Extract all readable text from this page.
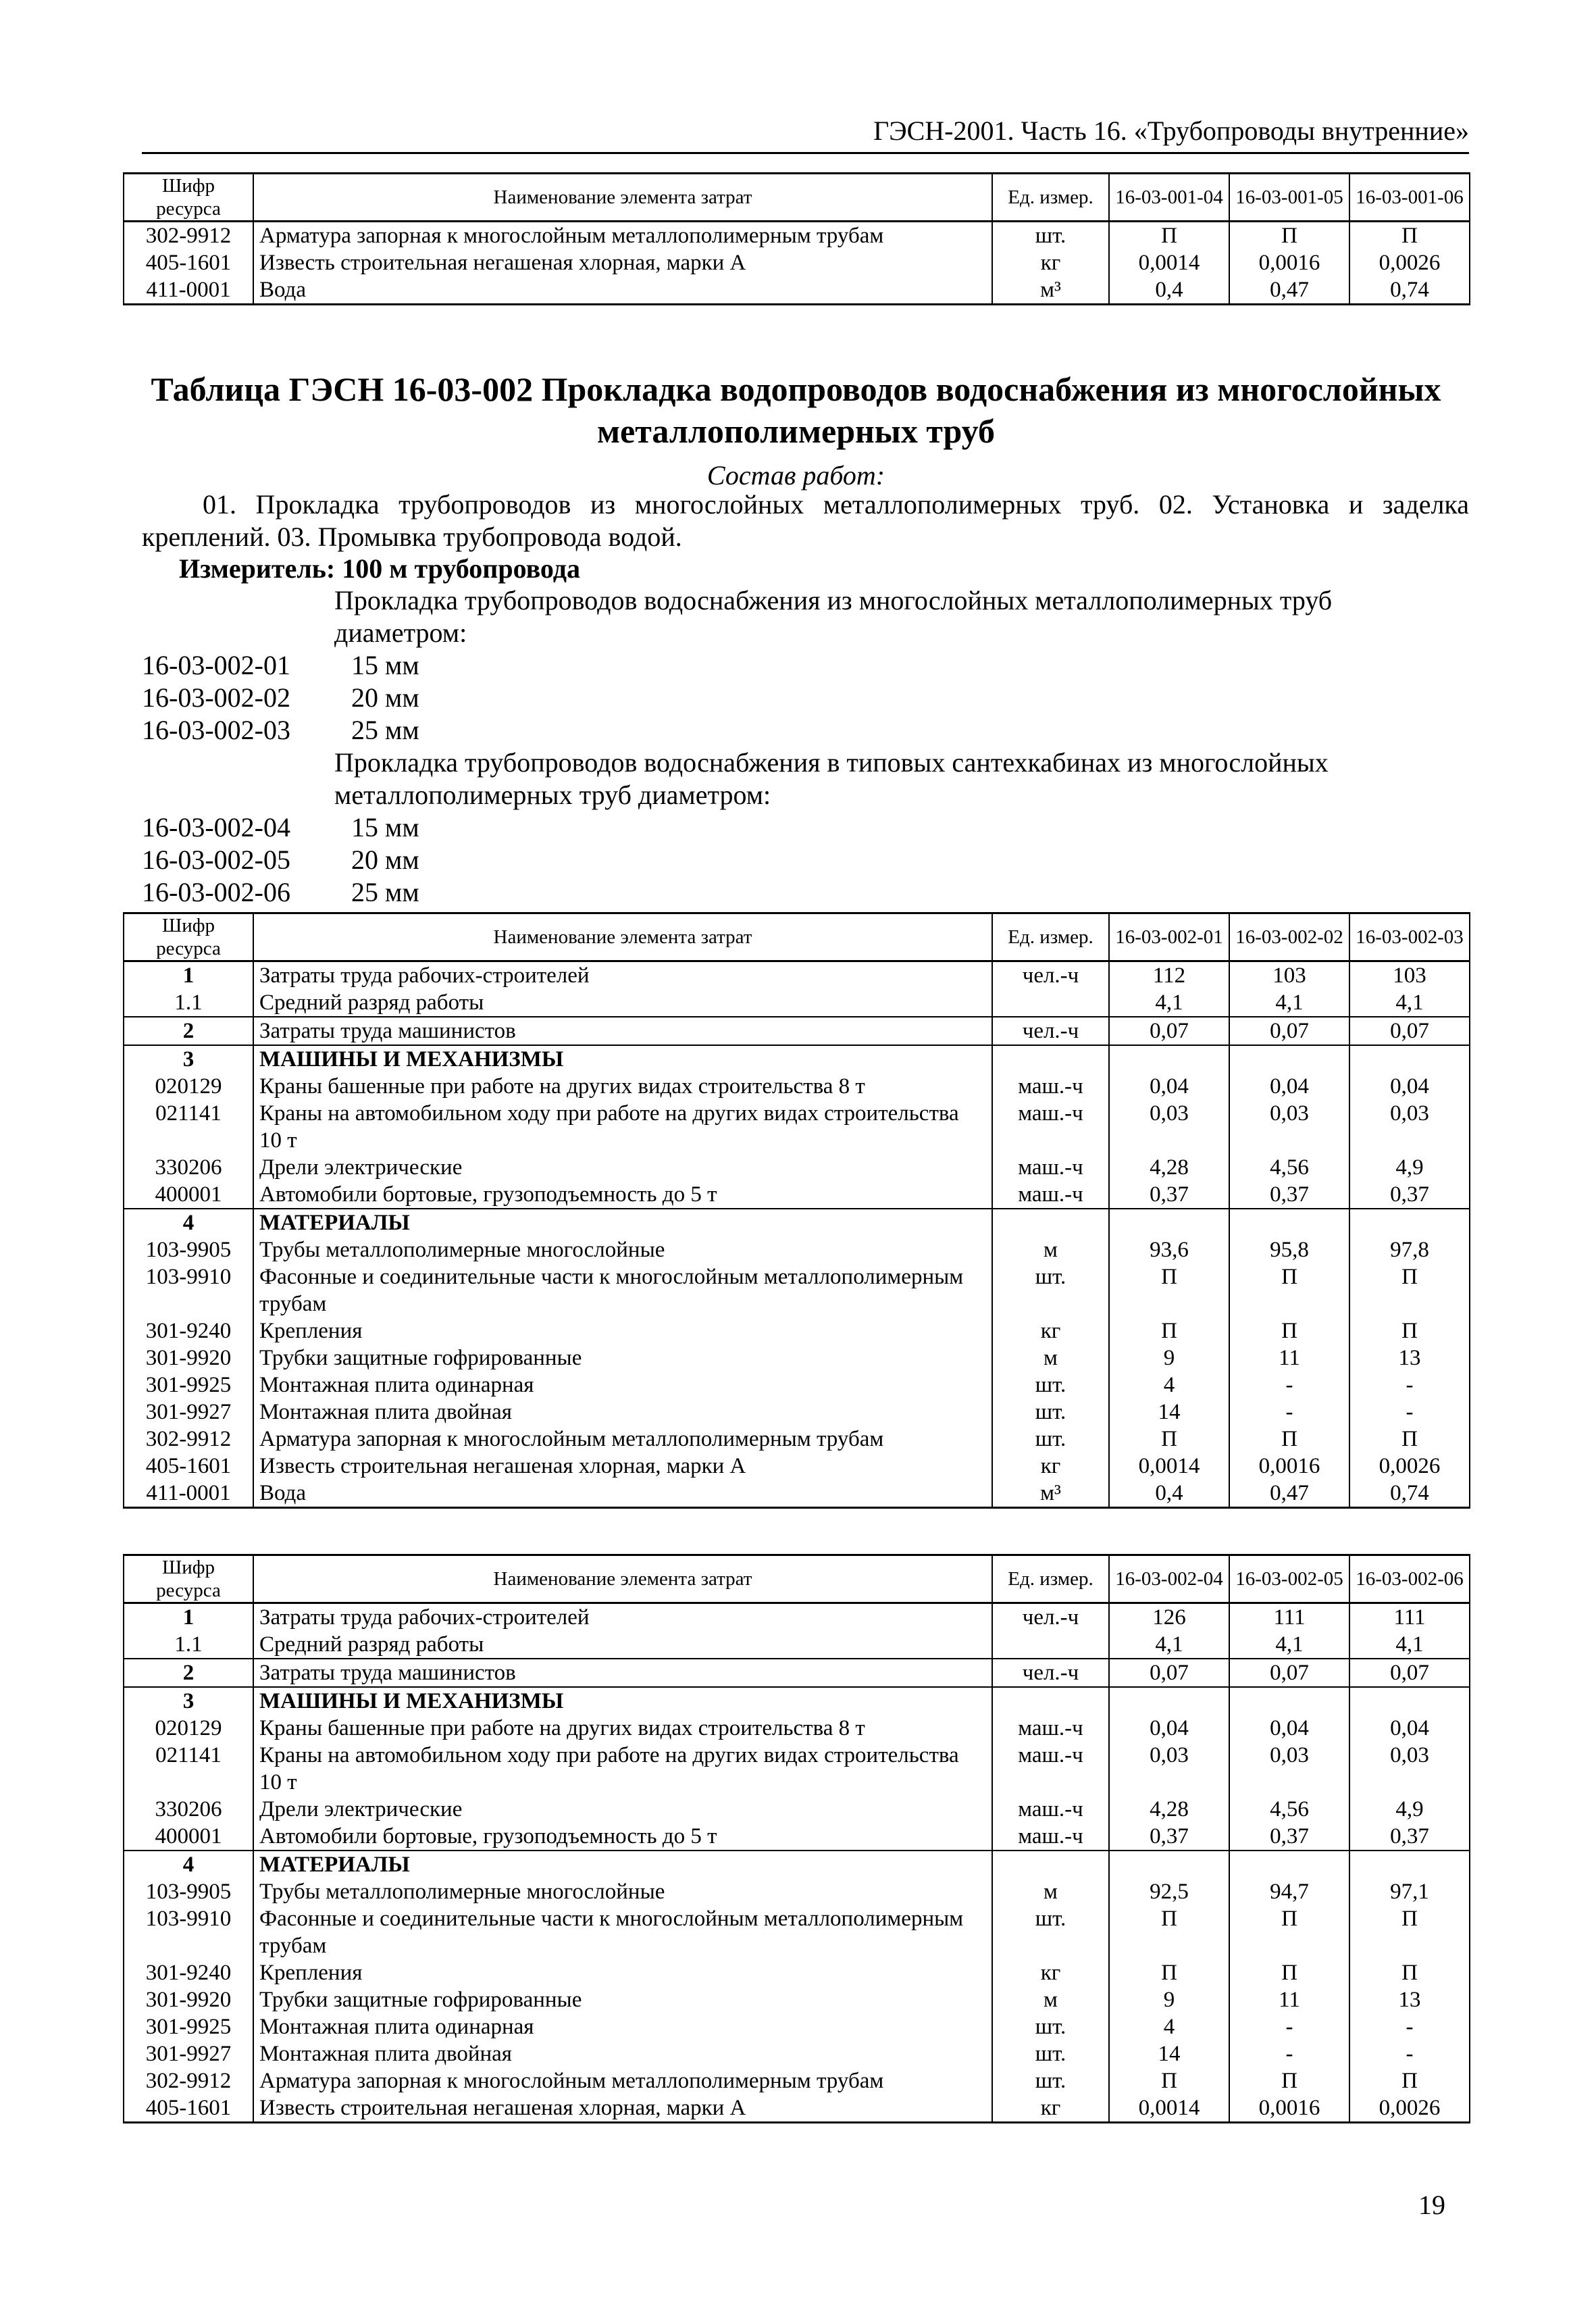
ГЭСН-2001. Часть 16. «Трубопроводы внутренние»
Шифр ресурса	Наименование элемента затрат	Ед. измер.	16-03-001-04	16-03-001-05	16-03-001-06
302-9912	Арматура запорная к многослойным металлополимерным трубам	шт.	П	П	П
405-1601	Известь строительная негашеная хлорная, марки А	кг	0,0014	0,0016	0,0026
411-0001	Вода	м³	0,4	0,47	0,74
Таблица ГЭСН 16-03-002 Прокладка водопроводов водоснабжения из многослойных
металлополимерных труб
Состав работ:
01. Прокладка трубопроводов из многослойных металлополимерных труб. 02. Установка и заделка креплений. 03. Промывка трубопровода водой.
Измеритель: 100 м трубопровода
Прокладка трубопроводов водоснабжения из многослойных металлополимерных труб диаметром:
16-03-002-01 15 мм
16-03-002-02 20 мм
16-03-002-03 25 мм
Прокладка трубопроводов водоснабжения в типовых сантехкабинах из многослойных металлополимерных труб диаметром:
16-03-002-04 15 мм
16-03-002-05 20 мм
16-03-002-06 25 мм
Шифр ресурса	Наименование элемента затрат	Ед. измер.	16-03-002-01	16-03-002-02	16-03-002-03
1	Затраты труда рабочих-строителей	чел.-ч	112	103	103
1.1	Средний разряд работы		4,1	4,1	4,1
2	Затраты труда машинистов	чел.-ч	0,07	0,07	0,07
3	МАШИНЫ И МЕХАНИЗМЫ				
020129	Краны башенные при работе на других видах строительства 8 т	маш.-ч	0,04	0,04	0,04
021141	Краны на автомобильном ходу при работе на других видах строительства 10 т	маш.-ч	0,03	0,03	0,03
330206	Дрели электрические	маш.-ч	4,28	4,56	4,9
400001	Автомобили бортовые, грузоподъемность до 5 т	маш.-ч	0,37	0,37	0,37
4	МАТЕРИАЛЫ				
103-9905	Трубы металлополимерные многослойные	м	93,6	95,8	97,8
103-9910	Фасонные и соединительные части к многослойным металлополимерным трубам	шт.	П	П	П
301-9240	Крепления	кг	П	П	П
301-9920	Трубки защитные гофрированные	м	9	11	13
301-9925	Монтажная плита одинарная	шт.	4	-	-
301-9927	Монтажная плита двойная	шт.	14	-	-
302-9912	Арматура запорная к многослойным металлополимерным трубам	шт.	П	П	П
405-1601	Известь строительная негашеная хлорная, марки А	кг	0,0014	0,0016	0,0026
411-0001	Вода	м³	0,4	0,47	0,74
Шифр ресурса	Наименование элемента затрат	Ед. измер.	16-03-002-04	16-03-002-05	16-03-002-06
1	Затраты труда рабочих-строителей	чел.-ч	126	111	111
1.1	Средний разряд работы		4,1	4,1	4,1
2	Затраты труда машинистов	чел.-ч	0,07	0,07	0,07
3	МАШИНЫ И МЕХАНИЗМЫ				
020129	Краны башенные при работе на других видах строительства 8 т	маш.-ч	0,04	0,04	0,04
021141	Краны на автомобильном ходу при работе на других видах строительства 10 т	маш.-ч	0,03	0,03	0,03
330206	Дрели электрические	маш.-ч	4,28	4,56	4,9
400001	Автомобили бортовые, грузоподъемность до 5 т	маш.-ч	0,37	0,37	0,37
4	МАТЕРИАЛЫ				
103-9905	Трубы металлополимерные многослойные	м	92,5	94,7	97,1
103-9910	Фасонные и соединительные части к многослойным металлополимерным трубам	шт.	П	П	П
301-9240	Крепления	кг	П	П	П
301-9920	Трубки защитные гофрированные	м	9	11	13
301-9925	Монтажная плита одинарная	шт.	4	-	-
301-9927	Монтажная плита двойная	шт.	14	-	-
302-9912	Арматура запорная к многослойным металлополимерным трубам	шт.	П	П	П
405-1601	Известь строительная негашеная хлорная, марки А	кг	0,0014	0,0016	0,0026
19
